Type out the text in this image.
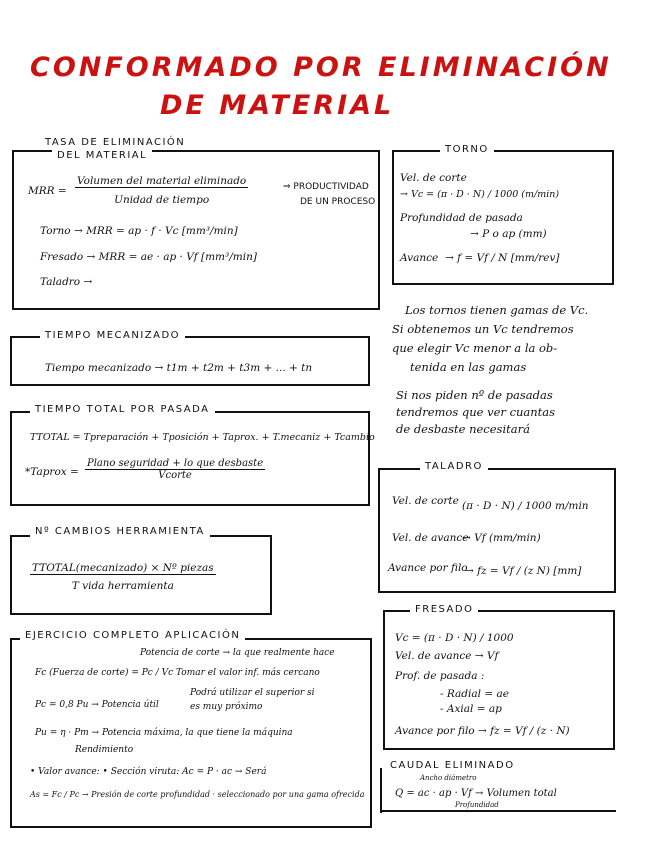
CONFORMADO POR ELIMINACIÓN
DE MATERIAL
TASA DE ELIMINACIÓN
DEL MATERIAL
MRR = $\frac{\text{Volumen del material eliminado}}{\text{Unidad de tiempo}}$	⇒ PRODUCTIVIDAD
DE UN PROCESO
Torno → MRR = ap · f · Vc [mm³/min]
Fresado → MRR = ae · ap · Vf [mm³/min]
Taladro →
TORNO
Vel. de corte
→ Vc = (π · D · N) / 1000 (m/min)
Profundidad de pasada
→ P o ap (mm)
Avance → f = Vf / N [mm/rev]
Los tornos tienen gamas de Vc.
Si obtenemos un Vc tendremos
que elegir Vc menor a la ob-
tenida en las gamas
Si nos piden nº de pasadas
tendremos que ver cuantas
de desbaste necesitará
TIEMPO MECANIZADO
Tiempo mecanizado → t1m + t2m + t3m + ... + tn
TIEMPO TOTAL POR PASADA
TTOTAL = Tpreparación + Tposición + Taprox. + T.mecaniz + Tcambio
*Taprox = $\frac{\text{Plano seguridad + lo que desbaste}}{\text{Vcorte}}$	TALADRO
Vel. de corte (π · D · N) / 1000 m/min
Vel. de avance
→ Vf (mm/min)
Avance por filo
→ fz = Vf / (z N) [mm]
Nº CAMBIOS HERRAMIENTA
$\frac{\text{TTOTAL(mecanizado) × Nº piezas}}{\text{T vida herramienta}}$
FRESADO
Vc = (π · D · N) / 1000
Vel. de avance → Vf
Prof. de pasada :
- Radial = ae
- Axial = ap
Avance por filo → fz = Vf / (z · N)
EJERCICIO COMPLETO APLICACIÓN
Potencia de corte → la que realmente hace
Fc (Fuerza de corte) = Pc / Vc Tomar el valor inf. más cercano
Podrá utilizar el superior si
es muy próximo
Pc = 0,8 Pu → Potencia útil
Pu = η · Pm → Potencia máxima, la que tiene la máquina
Rendimiento
• Valor avance: • Sección viruta: Ac = P · ac → Será
As = Fc / Pc → Presión de corte profundidad · seleccionado por una gama ofrecida
CAUDAL ELIMINADO
Ancho diámetro
Q = ac · ap · Vf → Volumen total
Profundidad
